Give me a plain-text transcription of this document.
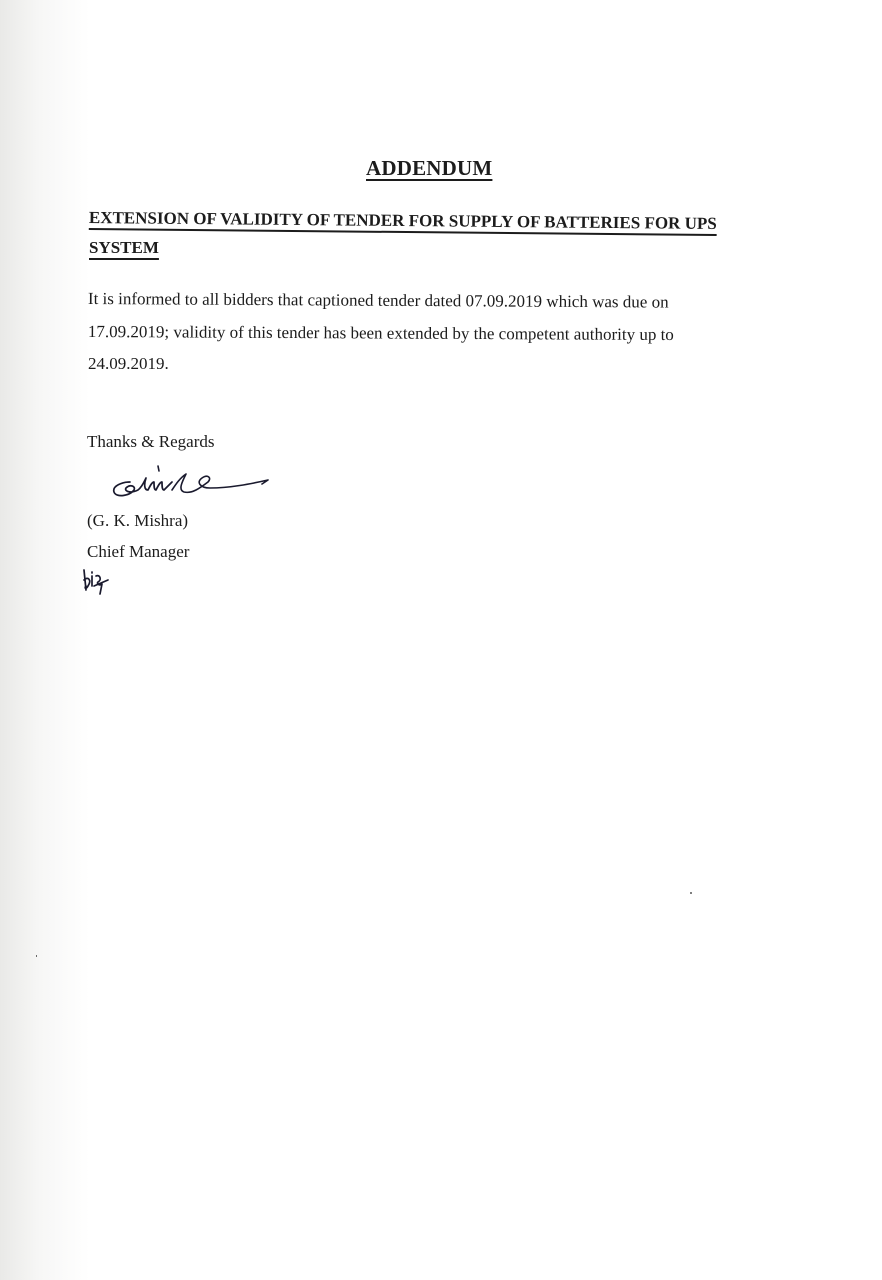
ADDENDUM
EXTENSION OF VALIDITY OF TENDER FOR SUPPLY OF BATTERIES FOR UPS
SYSTEM
It is informed to all bidders that captioned tender dated 07.09.2019 which was due on
17.09.2019; validity of this tender has been extended by the competent authority up to
24.09.2019.
Thanks & Regards
(G. K. Mishra)
Chief Manager
